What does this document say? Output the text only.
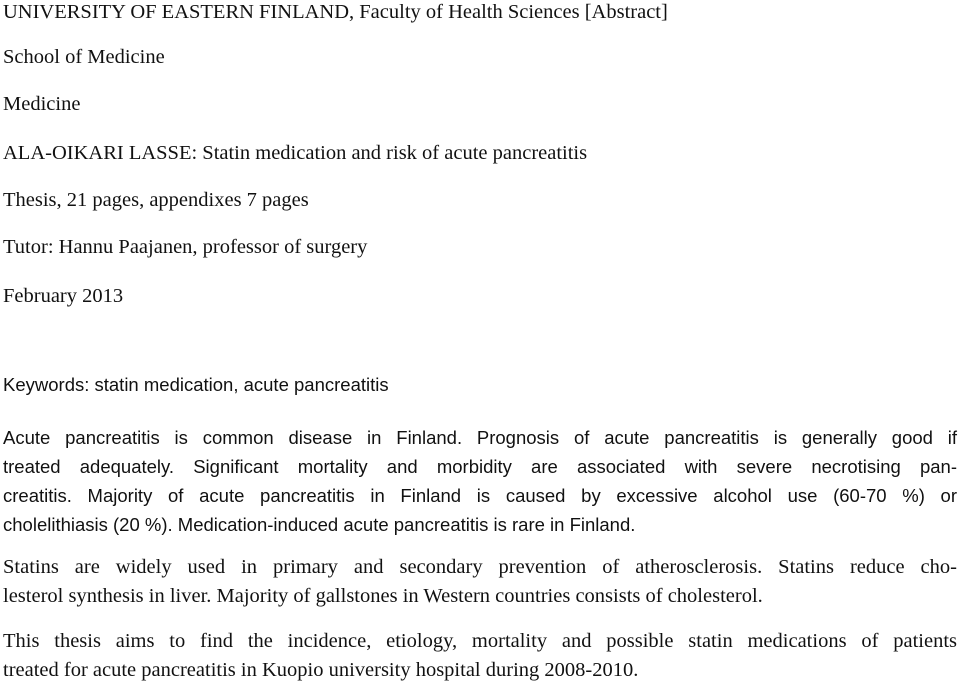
UNIVERSITY OF EASTERN FINLAND, Faculty of Health Sciences [Abstract]
School of Medicine
Medicine
ALA-OIKARI LASSE: Statin medication and risk of acute pancreatitis
Thesis, 21 pages, appendixes 7 pages
Tutor: Hannu Paajanen, professor of surgery
February 2013
Keywords: statin medication, acute pancreatitis
Acute pancreatitis is common disease in Finland. Prognosis of acute pancreatitis is generally good if
treated adequately. Significant mortality and morbidity are associated with severe necrotising pan-
creatitis. Majority of acute pancreatitis in Finland is caused by excessive alcohol use (60-70 %) or
cholelithiasis (20 %). Medication-induced acute pancreatitis is rare in Finland.
Statins are widely used in primary and secondary prevention of atherosclerosis. Statins reduce cho-
lesterol synthesis in liver. Majority of gallstones in Western countries consists of cholesterol.
This thesis aims to find the incidence, etiology, mortality and possible statin medications of patients
treated for acute pancreatitis in Kuopio university hospital during 2008-2010.
